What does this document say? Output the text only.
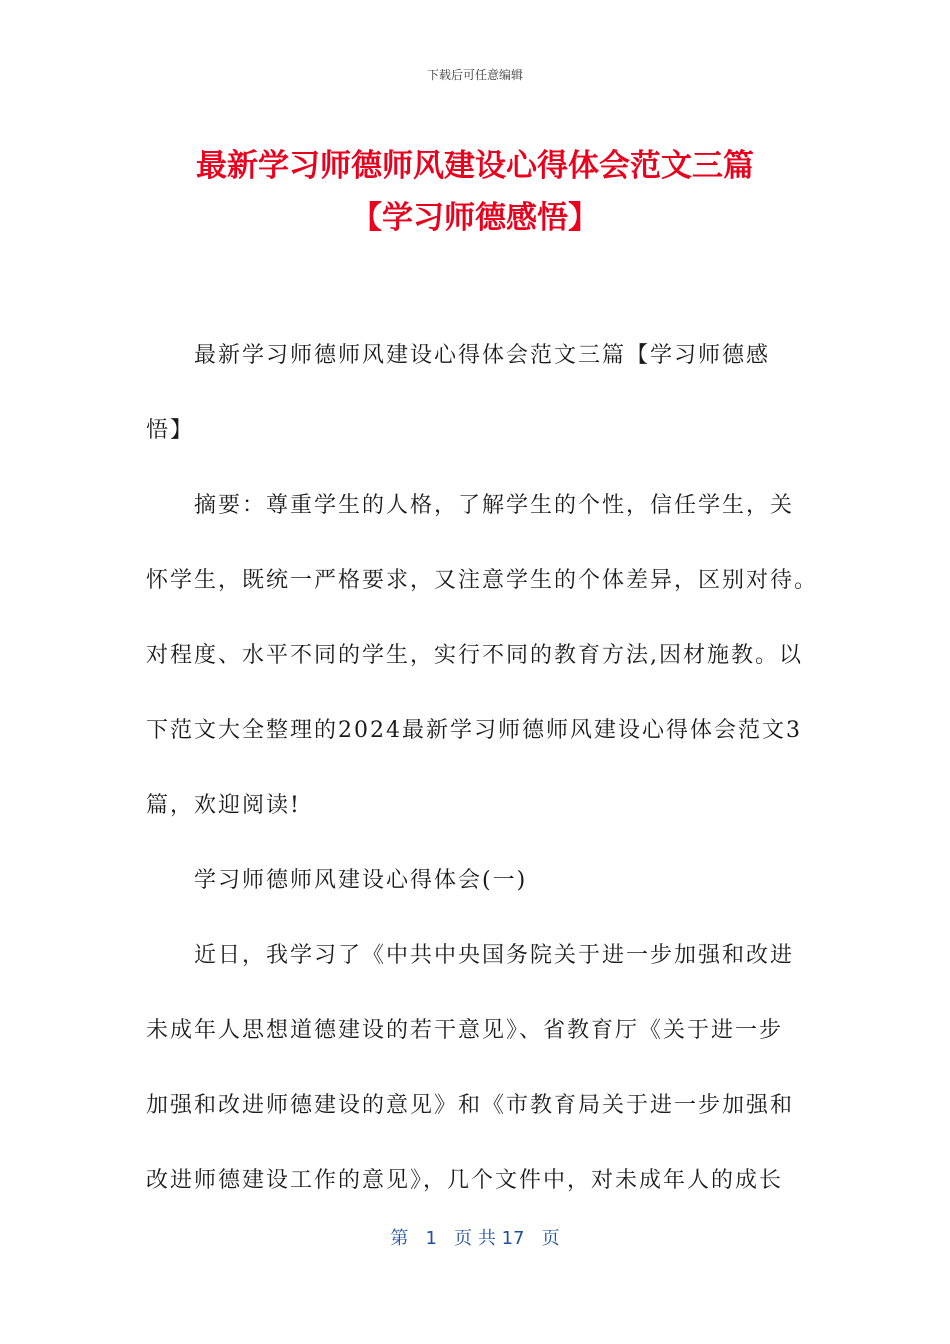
下载后可任意编辑
最新学习师德师风建设心得体会范文三篇
【学习师德感悟】
最新学习师德师风建设心得体会范文三篇【学习师德感
悟】
摘要：尊重学生的人格，了解学生的个性，信任学生，关
怀学生，既统一严格要求，又注意学生的个体差异，区别对待。
对程度、水平不同的学生，实行不同的教育方法,因材施教。以
下范文大全整理的2024最新学习师德师风建设心得体会范文3
篇，欢迎阅读!
学习师德师风建设心得体会(一)
近日，我学习了《中共中央国务院关于进一步加强和改进
未成年人思想道德建设的若干意见》、省教育厅《关于进一步
加强和改进师德建设的意见》和《市教育局关于进一步加强和
改进师德建设工作的意见》，几个文件中，对未成年人的成长
第 1 页 共 17 页
